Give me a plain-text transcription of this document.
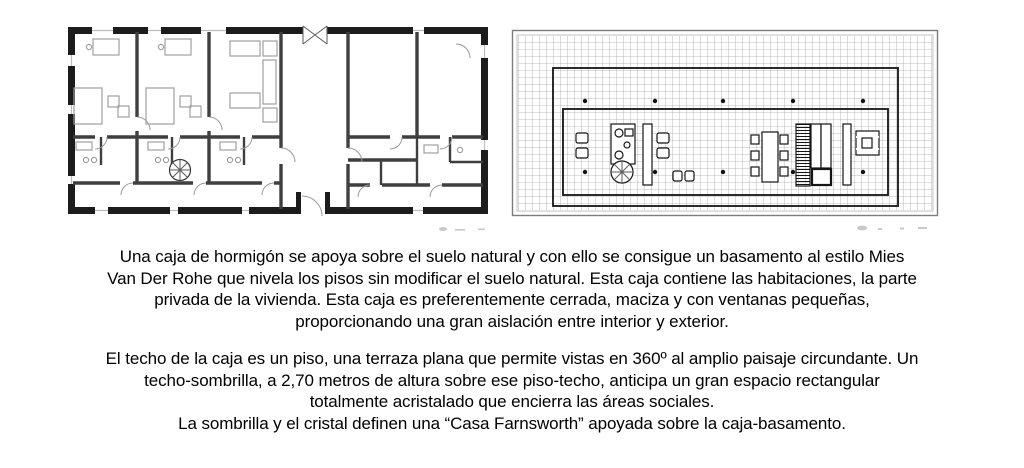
Una caja de hormigón se apoya sobre el suelo natural y con ello se consigue un basamento al estilo Mies
Van Der Rohe que nivela los pisos sin modificar el suelo natural. Esta caja contiene las habitaciones, la parte
privada de la vivienda. Esta caja es preferentemente cerrada, maciza y con ventanas pequeñas,
proporcionando una gran aislación entre interior y exterior.

El techo de la caja es un piso, una terraza plana que permite vistas en 360º al amplio paisaje circundante. Un
techo-sombrilla, a 2,70 metros de altura sobre ese piso-techo, anticipa un gran espacio rectangular
totalmente acristalado que encierra las áreas sociales.
La sombrilla y el cristal definen una “Casa Farnsworth” apoyada sobre la caja-basamento.
